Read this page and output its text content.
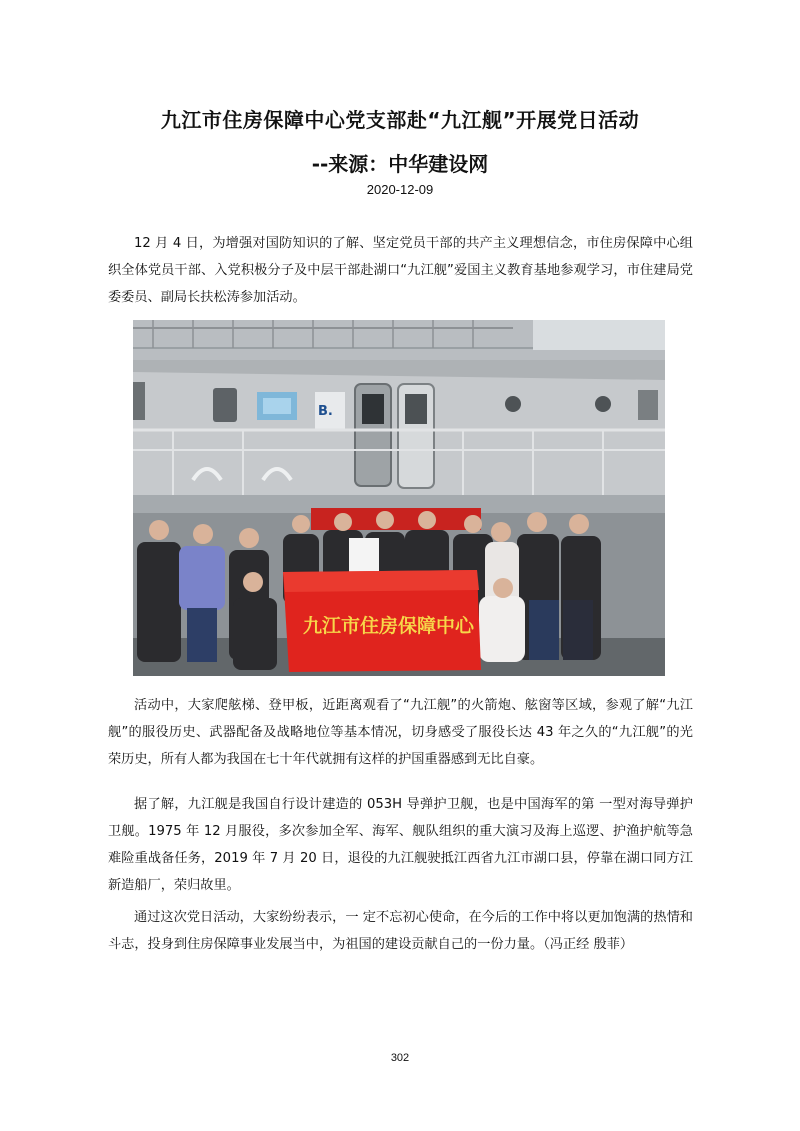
九江市住房保障中心党支部赴“九江舰”开展党日活动
--来源：中华建设网
2020-12-09

12 月 4 日，为增强对国防知识的了解、坚定党员干部的共产主义理想信念，市住房保障中心组织全体党员干部、入党积极分子及中层干部赴湖口“九江舰”爱国主义教育基地参观学习，市住建局党委委员、副局长扶松涛参加活动。

B.
九江市住房保障中心

活动中，大家爬舷梯、登甲板，近距离观看了“九江舰”的火箭炮、舷窗等区域，参观了解“九江舰”的服役历史、武器配备及战略地位等基本情况，切身感受了服役长达 43 年之久的“九江舰”的光荣历史，所有人都为我国在七十年代就拥有这样的护国重器感到无比自豪。

据了解，九江舰是我国自行设计建造的 053H 导弹护卫舰，也是中国海军的第 一型对海导弹护卫舰。1975 年 12 月服役，多次参加全军、海军、舰队组织的重大演习及海上巡逻、护渔护航等急难险重战备任务，2019 年 7 月 20 日，退役的九江舰驶抵江西省九江市湖口县，停靠在湖口同方江新造船厂，荣归故里。

通过这次党日活动，大家纷纷表示，一 定不忘初心使命，在今后的工作中将以更加饱满的热情和斗志，投身到住房保障事业发展当中，为祖国的建设贡献自己的一份力量。（冯正经 殷菲）

302
